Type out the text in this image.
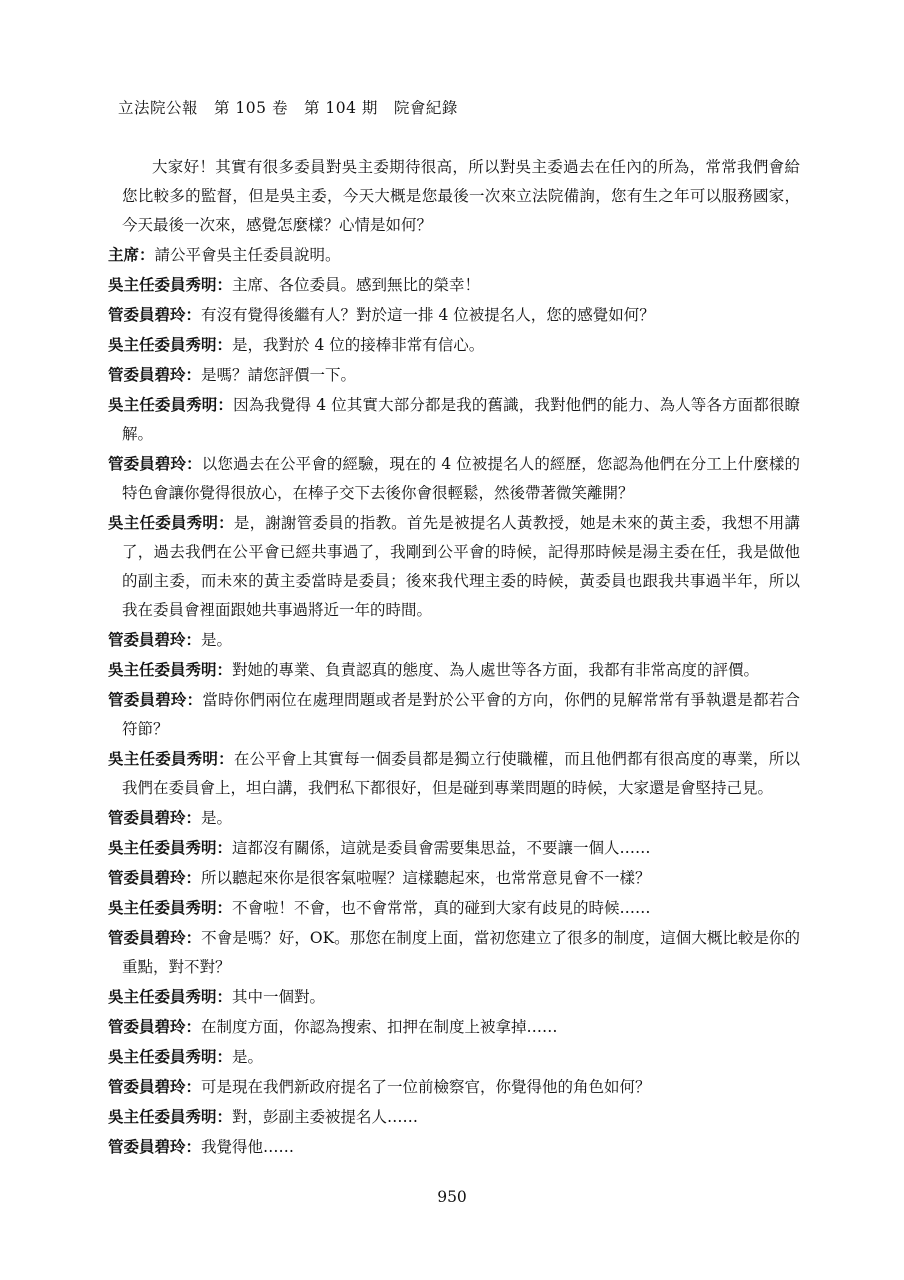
立法院公報　第 105 卷　第 104 期　院會紀錄
大家好！其實有很多委員對吳主委期待很高，所以對吳主委過去在任內的所為，常常我們會給您比較多的監督，但是吳主委，今天大概是您最後一次來立法院備詢，您有生之年可以服務國家，今天最後一次來，感覺怎麼樣？心情是如何？
主席：請公平會吳主任委員說明。
吳主任委員秀明：主席、各位委員。感到無比的榮幸！
管委員碧玲：有沒有覺得後繼有人？對於這一排 4 位被提名人，您的感覺如何？
吳主任委員秀明：是，我對於 4 位的接棒非常有信心。
管委員碧玲：是嗎？請您評價一下。
吳主任委員秀明：因為我覺得 4 位其實大部分都是我的舊識，我對他們的能力、為人等各方面都很瞭解。
管委員碧玲：以您過去在公平會的經驗，現在的 4 位被提名人的經歷，您認為他們在分工上什麼樣的特色會讓你覺得很放心，在棒子交下去後你會很輕鬆，然後帶著微笑離開？
吳主任委員秀明：是，謝謝管委員的指教。首先是被提名人黃教授，她是未來的黃主委，我想不用講了，過去我們在公平會已經共事過了，我剛到公平會的時候，記得那時候是湯主委在任，我是做他的副主委，而未來的黃主委當時是委員；後來我代理主委的時候，黃委員也跟我共事過半年，所以我在委員會裡面跟她共事過將近一年的時間。
管委員碧玲：是。
吳主任委員秀明：對她的專業、負責認真的態度、為人處世等各方面，我都有非常高度的評價。
管委員碧玲：當時你們兩位在處理問題或者是對於公平會的方向，你們的見解常常有爭執還是都若合符節？
吳主任委員秀明：在公平會上其實每一個委員都是獨立行使職權，而且他們都有很高度的專業，所以我們在委員會上，坦白講，我們私下都很好，但是碰到專業問題的時候，大家還是會堅持己見。
管委員碧玲：是。
吳主任委員秀明：這都沒有關係，這就是委員會需要集思益，不要讓一個人……
管委員碧玲：所以聽起來你是很客氣啦喔？這樣聽起來，也常常意見會不一樣？
吳主任委員秀明：不會啦！不會，也不會常常，真的碰到大家有歧見的時候……
管委員碧玲：不會是嗎？好，OK。那您在制度上面，當初您建立了很多的制度，這個大概比較是你的重點，對不對？
吳主任委員秀明：其中一個對。
管委員碧玲：在制度方面，你認為搜索、扣押在制度上被拿掉……
吳主任委員秀明：是。
管委員碧玲：可是現在我們新政府提名了一位前檢察官，你覺得他的角色如何？
吳主任委員秀明：對，彭副主委被提名人……
管委員碧玲：我覺得他……
950
